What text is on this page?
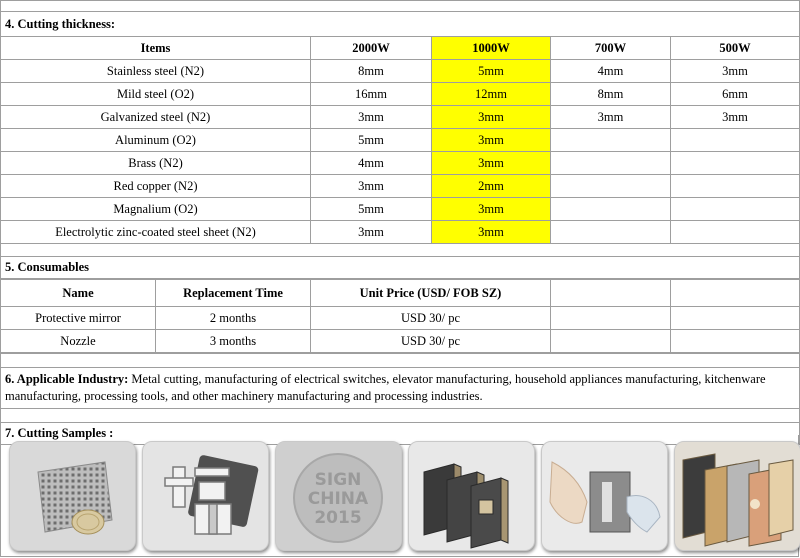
4. Cutting thickness:				
Items	2000W	1000W	700W	500W
Stainless steel (N2)	8mm	5mm	4mm	3mm
Mild steel (O2)	16mm	12mm	8mm	6mm
Galvanized steel (N2)	3mm	3mm	3mm	3mm
Aluminum (O2)	5mm	3mm		
Brass (N2)	4mm	3mm		
Red copper (N2)	3mm	2mm		
Magnalium (O2)	5mm	3mm		
Electrolytic zinc-coated steel sheet (N2)	3mm	3mm		

5. Consumables				
Name	Replacement Time	Unit Price (USD/ FOB SZ)		
Protective mirror	2 months	USD 30/ pc		
Nozzle	3 months	USD 30/ pc		

6. Applicable Industry: Metal cutting, manufacturing of electrical switches, elevator manufacturing, household appliances manufacturing, kitchenware manufacturing, processing tools, and other machinery manufacturing and processing industries.

7. Cutting Samples :
SIGN
CHINA
2015
